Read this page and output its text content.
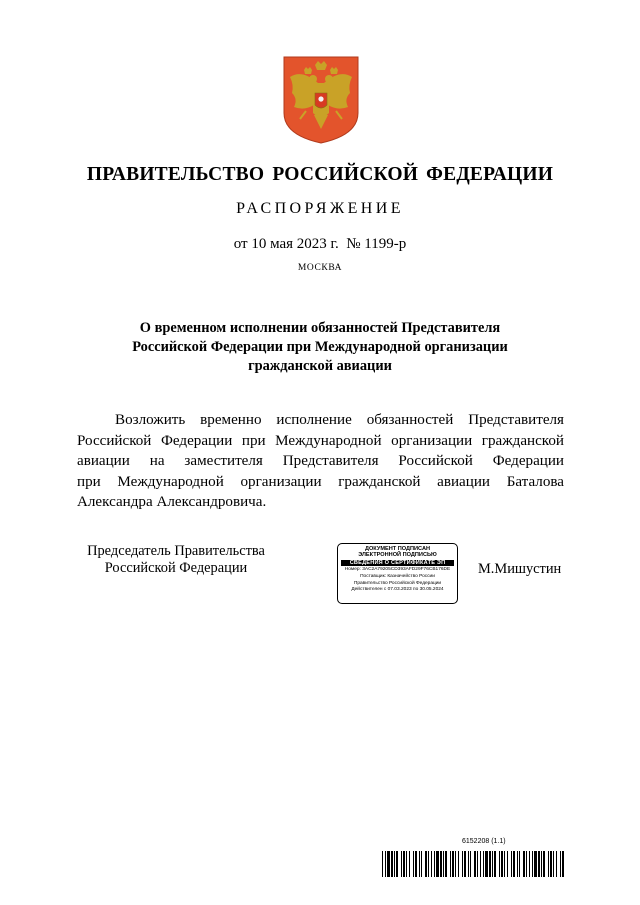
ПРАВИТЕЛЬСТВО РОССИЙСКОЙ ФЕДЕРАЦИИ
РАСПОРЯЖЕНИЕ
от 10 мая 2023 г.  № 1199-р
МОСКВА
О временном исполнении обязанностей Представителя
Российской Федерации при Международной организации
гражданской авиации
Возложить временно исполнение обязанностей Представителя
Российской Федерации при Международной организации гражданской
авиации на заместителя Представителя Российской Федерации
при Международной организации гражданской авиации Баталова
Александра Александровича.
Председатель Правительства
Российской Федерации
ДОКУМЕНТ ПОДПИСАН
ЭЛЕКТРОННОЙ ПОДПИСЬЮ
СВЕДЕНИЯ О СЕРТИФИКАТЕ ЭП
Номер: 3AC2A79205CD393AFD29F76CB176DE
Поставщик: Казначейство России
Правительство Российской Федерации
Действителен с 07.03.2023 по 30.05.2024
М.Мишустин
6152208 (1.1)
